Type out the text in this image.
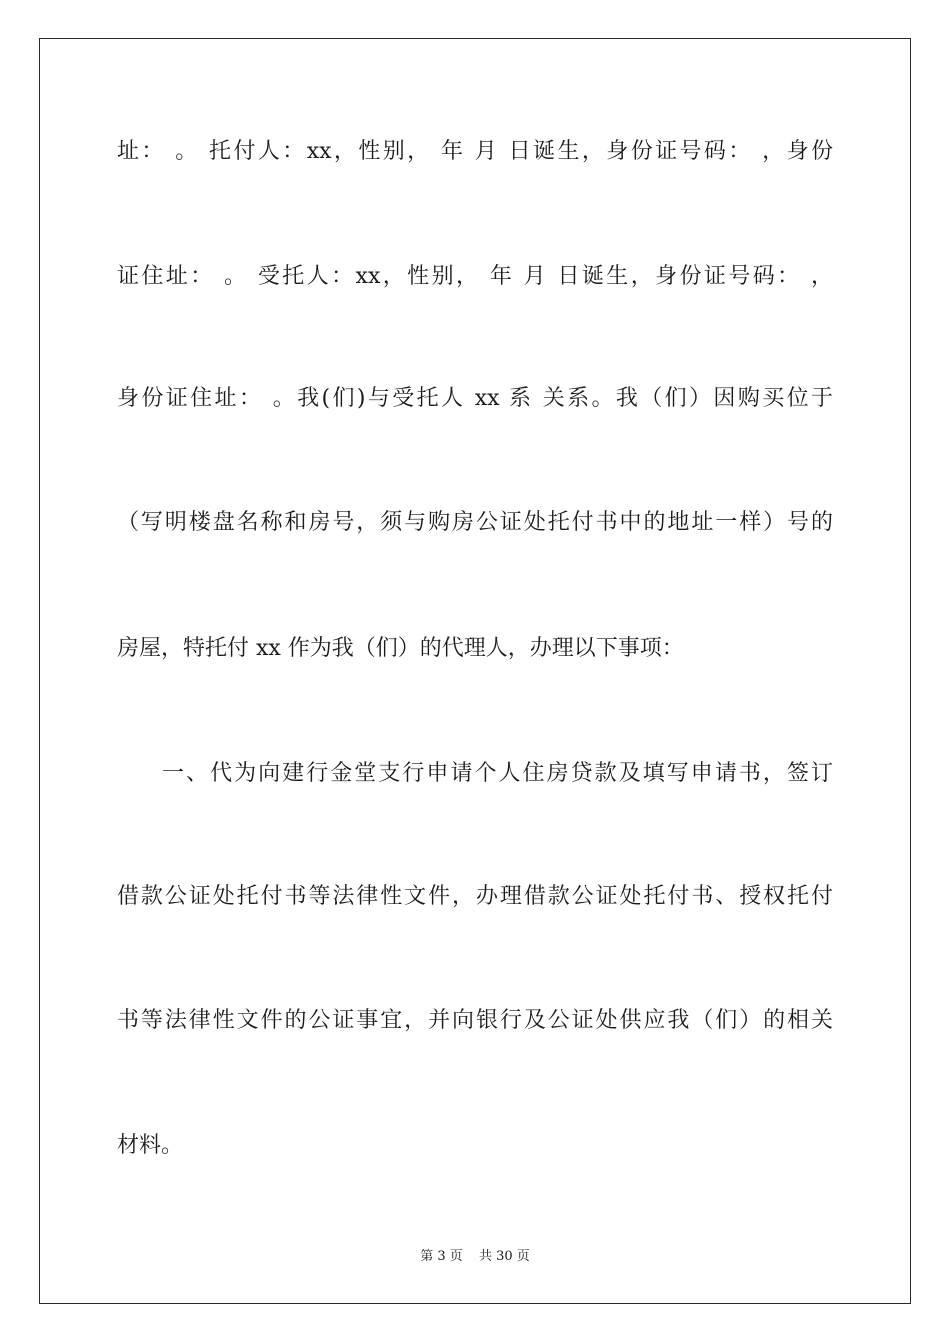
址： 。 托付人：xx，性别， 年 月 日诞生，身份证号码： ，身份
证住址： 。 受托人：xx，性别， 年 月 日诞生，身份证号码： ，
身份证住址： 。我(们)与受托人 xx 系 关系。我（们）因购买位于
（写明楼盘名称和房号，须与购房公证处托付书中的地址一样）号的
房屋，特托付 xx 作为我（们）的代理人，办理以下事项：
一、代为向建行金堂支行申请个人住房贷款及填写申请书，签订
借款公证处托付书等法律性文件，办理借款公证处托付书、授权托付
书等法律性文件的公证事宜，并向银行及公证处供应我（们）的相关
材料。
第 3 页 共 30 页
